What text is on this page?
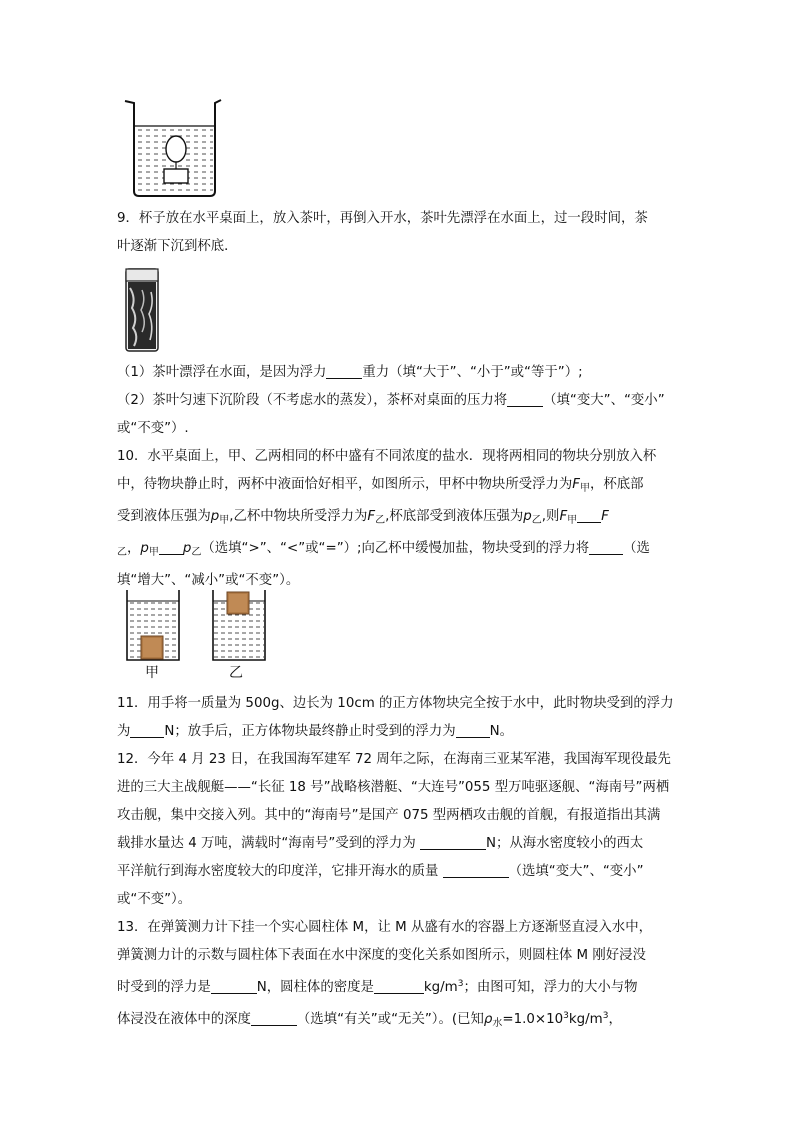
9．杯子放在水平桌面上，放入茶叶，再倒入开水，茶叶先漂浮在水面上，过一段时间，茶

叶逐渐下沉到杯底．

（1）茶叶漂浮在水面，是因为浮力	重力（填“大于”、“小于”或“等于”）;

（2）茶叶匀速下沉阶段（不考虑水的蒸发），茶杯对桌面的压力将	（填“变大”、“变小”

或“不变”）.

10．水平桌面上，甲、乙两相同的杯中盛有不同浓度的盐水．现将两相同的物块分别放入杯

中，待物块静止时，两杯中液面恰好相平，如图所示，甲杯中物块所受浮力为$F_甲$，杯底部

受到液体压强为$p_甲$,乙杯中物块所受浮力为$F_乙$,杯底部受到液体压强为$p_乙$,则$F_甲$ F

$_乙$，$p_甲$ $p_乙$（选填“>”、“<”或“=”）;向乙杯中缓慢加盐，物块受到的浮力将	（选

填“增大”、“减小”或“不变”）。

甲	乙

11．用手将一质量为 500g、边长为 10cm 的正方体物块完全按于水中，此时物块受到的浮力

为	N；放手后，正方体物块最终静止时受到的浮力为	N。

12．今年 4 月 23 日，在我国海军建军 72 周年之际，在海南三亚某军港，我国海军现役最先

进的三大主战舰艇——“长征 18 号”战略核潜艇、“大连号”055 型万吨驱逐舰、“海南号”两栖

攻击舰，集中交接入列。其中的“海南号”是国产 075 型两栖攻击舰的首舰，有报道指出其满

载排水量达 4 万吨，满载时“海南号”受到的浮力为	N；从海水密度较小的西太

平洋航行到海水密度较大的印度洋，它排开海水的质量	（选填“变大”、“变小”

或“不变”）。

13．在弹簧测力计下挂一个实心圆柱体 M，让 M 从盛有水的容器上方逐渐竖直浸入水中，

弹簧测力计的示数与圆柱体下表面在水中深度的变化关系如图所示，则圆柱体 M 刚好浸没

时受到的浮力是	N，圆柱体的密度是	$kg/m^3$；由图可知，浮力的大小与物

体浸没在液体中的深度	（选填“有关”或“无关”）。(已知$\rho_水=1.0\times 10^3kg/m^3$，
